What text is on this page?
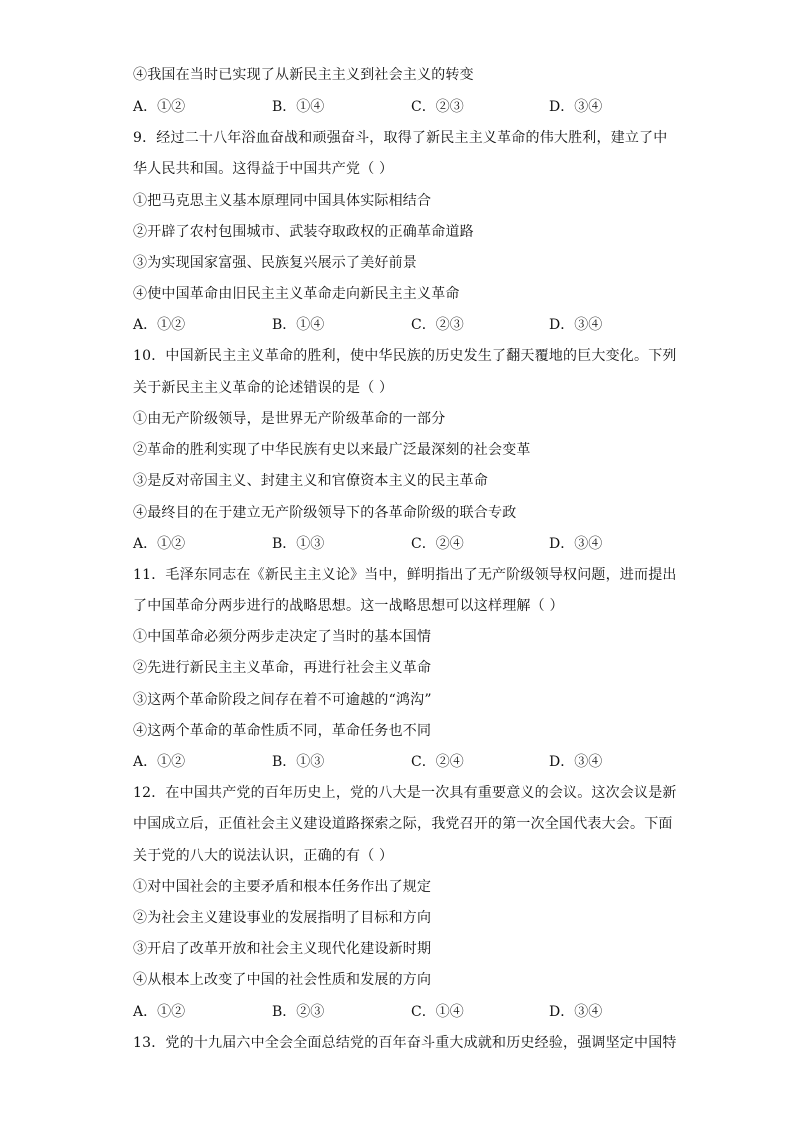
④我国在当时已实现了从新民主主义到社会主义的转变
A．①②	B．①④	C．②③	D．③④
9．经过二十八年浴血奋战和顽强奋斗，取得了新民主主义革命的伟大胜利，建立了中
华人民共和国。这得益于中国共产党（ ）
①把马克思主义基本原理同中国具体实际相结合
②开辟了农村包围城市、武装夺取政权的正确革命道路
③为实现国家富强、民族复兴展示了美好前景
④使中国革命由旧民主主义革命走向新民主主义革命
A．①②	B．①④	C．②③	D．③④
10．中国新民主主义革命的胜利，使中华民族的历史发生了翻天覆地的巨大变化。下列
关于新民主主义革命的论述错误的是（ ）
①由无产阶级领导，是世界无产阶级革命的一部分
②革命的胜利实现了中华民族有史以来最广泛最深刻的社会变革
③是反对帝国主义、封建主义和官僚资本主义的民主革命
④最终目的在于建立无产阶级领导下的各革命阶级的联合专政
A．①②	B．①③	C．②④	D．③④
11．毛泽东同志在《新民主主义论》当中，鲜明指出了无产阶级领导权问题，进而提出
了中国革命分两步进行的战略思想。这一战略思想可以这样理解（ ）
①中国革命必须分两步走决定了当时的基本国情
②先进行新民主主义革命，再进行社会主义革命
③这两个革命阶段之间存在着不可逾越的“鸿沟”
④这两个革命的革命性质不同，革命任务也不同
A．①②	B．①③	C．②④	D．③④
12．在中国共产党的百年历史上，党的八大是一次具有重要意义的会议。这次会议是新
中国成立后，正值社会主义建设道路探索之际，我党召开的第一次全国代表大会。下面
关于党的八大的说法认识，正确的有（ ）
①对中国社会的主要矛盾和根本任务作出了规定
②为社会主义建设事业的发展指明了目标和方向
③开启了改革开放和社会主义现代化建设新时期
④从根本上改变了中国的社会性质和发展的方向
A．①②	B．②③	C．①④	D．③④
13．党的十九届六中全会全面总结党的百年奋斗重大成就和历史经验，强调坚定中国特
